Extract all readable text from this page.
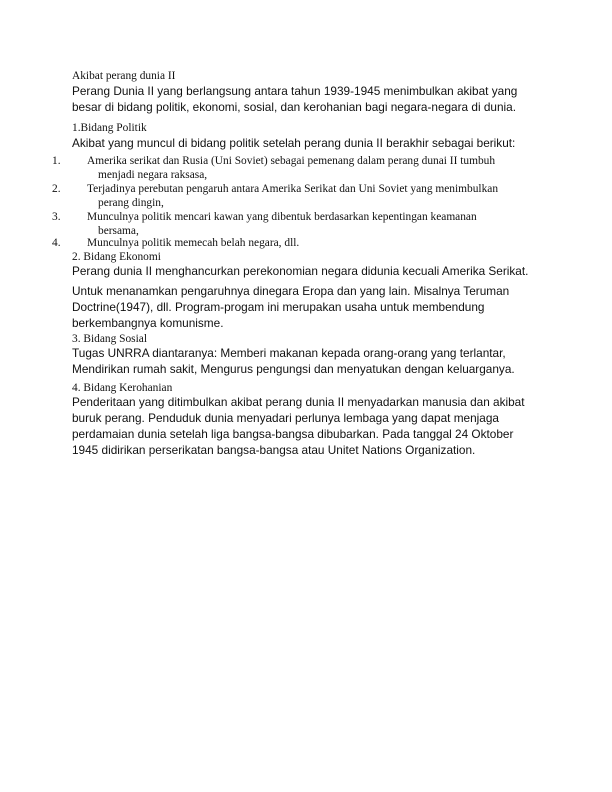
Akibat perang dunia II
Perang Dunia II yang berlangsung antara tahun 1939-1945 menimbulkan akibat yang
besar di bidang politik, ekonomi, sosial, dan kerohanian bagi negara-negara di dunia.
1.Bidang Politik
Akibat yang muncul di bidang politik setelah perang dunia II berakhir sebagai berikut:
1. Amerika serikat dan Rusia (Uni Soviet) sebagai pemenang dalam perang dunai II tumbuh
menjadi negara raksasa,
2. Terjadinya perebutan pengaruh antara Amerika Serikat dan Uni Soviet yang menimbulkan
perang dingin,
3. Munculnya politik mencari kawan yang dibentuk berdasarkan kepentingan keamanan
bersama,
4. Munculnya politik memecah belah negara, dll.
2. Bidang Ekonomi
Perang dunia II menghancurkan perekonomian negara didunia kecuali Amerika Serikat.
Untuk menanamkan pengaruhnya dinegara Eropa dan yang lain. Misalnya Teruman
Doctrine(1947), dll. Program-progam ini merupakan usaha untuk membendung
berkembangnya komunisme.
3. Bidang Sosial
Tugas UNRRA diantaranya: Memberi makanan kepada orang-orang yang terlantar,
Mendirikan rumah sakit, Mengurus pengungsi dan menyatukan dengan keluarganya.
4. Bidang Kerohanian
Penderitaan yang ditimbulkan akibat perang dunia II menyadarkan manusia dan akibat
buruk perang. Penduduk dunia menyadari perlunya lembaga yang dapat menjaga
perdamaian dunia setelah liga bangsa-bangsa dibubarkan. Pada tanggal 24 Oktober
1945 didirikan perserikatan bangsa-bangsa atau Unitet Nations Organization.
